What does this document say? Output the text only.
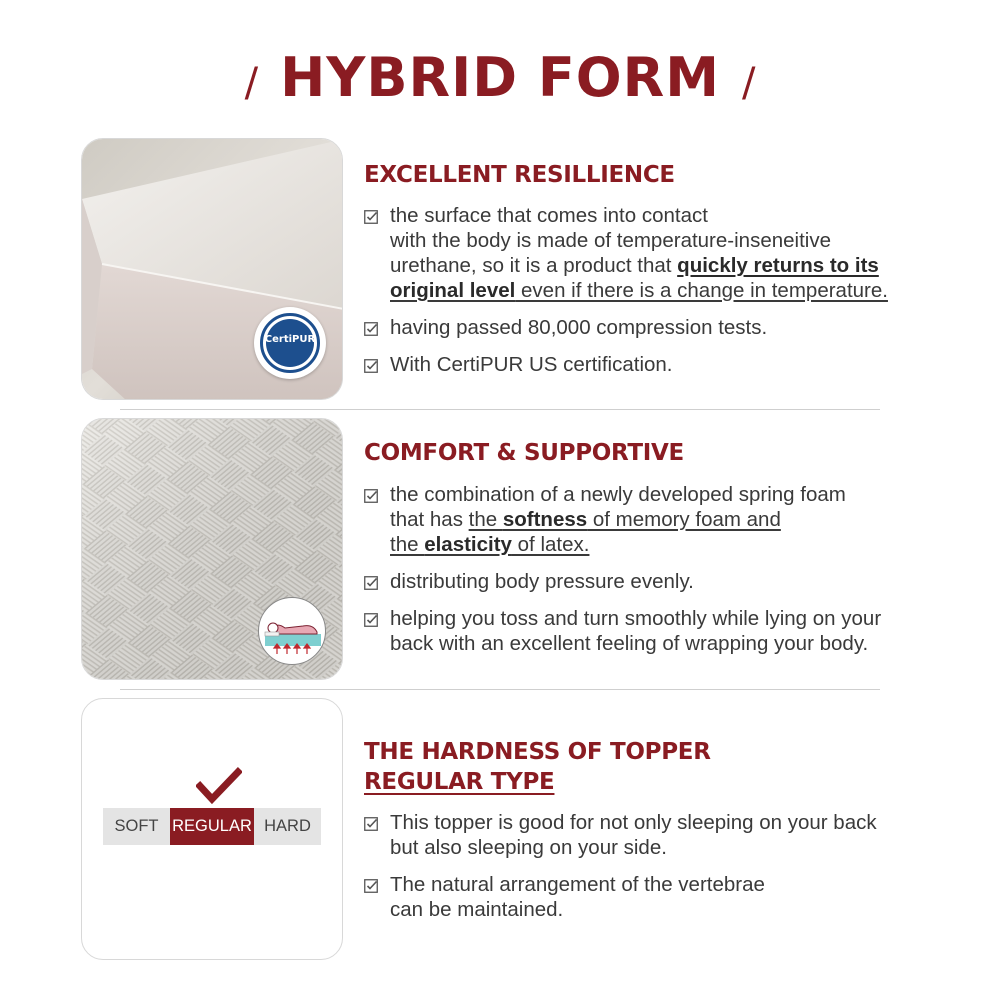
/ HYBRID FORM /
CertiPUR
SOFT REGULAR HARD
EXCELLENT RESILLIENCE
COMFORT & SUPPORTIVE
THE HARDNESS OF TOPPER
REGULAR TYPE
the surface that comes into contact
with the body is made of temperature-inseneitive
urethane, so it is a product that quickly returns to its
original level even if there is a change in temperature.
having passed 80,000 compression tests.
With CertiPUR US certification.
the combination of a newly developed spring foam
that has the softness of memory foam and
the elasticity of latex.
distributing body pressure evenly.
helping you toss and turn smoothly while lying on your
back with an excellent feeling of wrapping your body.
This topper is good for not only sleeping on your back
but also sleeping on your side.
The natural arrangement of the vertebrae
can be maintained.
